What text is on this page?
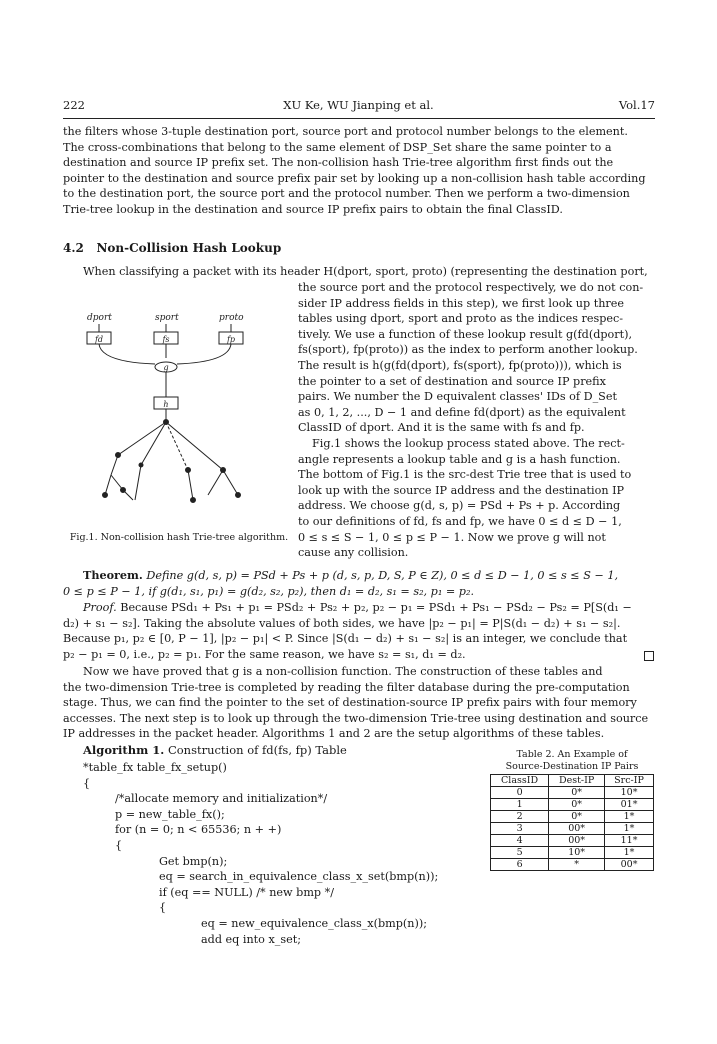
222	XU Ke, WU Jianping et al.	Vol.17
the filters whose 3-tuple destination port, source port and protocol number belongs to the element.
The cross-combinations that belong to the same element of DSP_Set share the same pointer to a
destination and source IP prefix set. The non-collision hash Trie-tree algorithm first finds out the
pointer to the destination and source prefix pair set by looking up a non-collision hash table according
to the destination port, the source port and the protocol number. Then we perform a two-dimension
Trie-tree lookup in the destination and source IP prefix pairs to obtain the final ClassID.
4.2 Non-Collision Hash Lookup
When classifying a packet with its header H(dport, sport, proto) (representing the destination port,
the source port and the protocol respectively, we do not con-
sider IP address fields in this step), we first look up three
tables using dport, sport and proto as the indices respec-
tively. We use a function of these lookup result g(fd(dport),
fs(sport), fp(proto)) as the index to perform another lookup.
The result is h(g(fd(dport), fs(sport), fp(proto))), which is
the pointer to a set of destination and source IP prefix
pairs. We number the D equivalent classes' IDs of D_Set
as 0, 1, 2, ..., D − 1 and define fd(dport) as the equivalent
ClassID of dport. And it is the same with fs and fp.
Fig.1 shows the lookup process stated above. The rect-
angle represents a lookup table and g is a hash function.
The bottom of Fig.1 is the src-dest Trie tree that is used to
look up with the source IP address and the destination IP
address. We choose g(d, s, p) = PSd + Ps + p. According
to our definitions of fd, fs and fp, we have 0 ≤ d ≤ D − 1,
0 ≤ s ≤ S − 1, 0 ≤ p ≤ P − 1. Now we prove g will not
cause any collision.
dport	sport	proto
fd	fs	fp
g
h
Fig.1. Non-collision hash Trie-tree algorithm.
Theorem. Define g(d, s, p) = PSd + Ps + p (d, s, p, D, S, P ∈ Z), 0 ≤ d ≤ D − 1, 0 ≤ s ≤ S − 1,
0 ≤ p ≤ P − 1, if g(d₁, s₁, p₁) = g(d₂, s₂, p₂), then d₁ = d₂, s₁ = s₂, p₁ = p₂.
Proof. Because PSd₁ + Ps₁ + p₁ = PSd₂ + Ps₂ + p₂, p₂ − p₁ = PSd₁ + Ps₁ − PSd₂ − Ps₂ = P[S(d₁ −
d₂) + s₁ − s₂]. Taking the absolute values of both sides, we have |p₂ − p₁| = P|S(d₁ − d₂) + s₁ − s₂|.
Because p₁, p₂ ∈ [0, P − 1], |p₂ − p₁| < P. Since |S(d₁ − d₂) + s₁ − s₂| is an integer, we conclude that
p₂ − p₁ = 0, i.e., p₂ = p₁. For the same reason, we have s₂ = s₁, d₁ = d₂.
Now we have proved that g is a non-collision function. The construction of these tables and
the two-dimension Trie-tree is completed by reading the filter database during the pre-computation
stage. Thus, we can find the pointer to the set of destination-source IP prefix pairs with four memory
accesses. The next step is to look up through the two-dimension Trie-tree using destination and source
IP addresses in the packet header. Algorithms 1 and 2 are the setup algorithms of these tables.
Algorithm 1. Construction of fd(fs, fp) Table
*table_fx table_fx_setup()
{
/*allocate memory and initialization*/
p = new_table_fx();
for (n = 0; n < 65536; n + +)
{
Get bmp(n);
eq = search_in_equivalence_class_x_set(bmp(n));
if (eq == NULL) /* new bmp */
{
eq = new_equivalence_class_x(bmp(n));
add eq into x_set;
Table 2. An Example of
Source-Destination IP Pairs
ClassID	Dest-IP	Src-IP
0	0*	10*
1	0*	01*
2	0*	1*
3	00*	1*
4	00*	11*
5	10*	1*
6	*	00*
